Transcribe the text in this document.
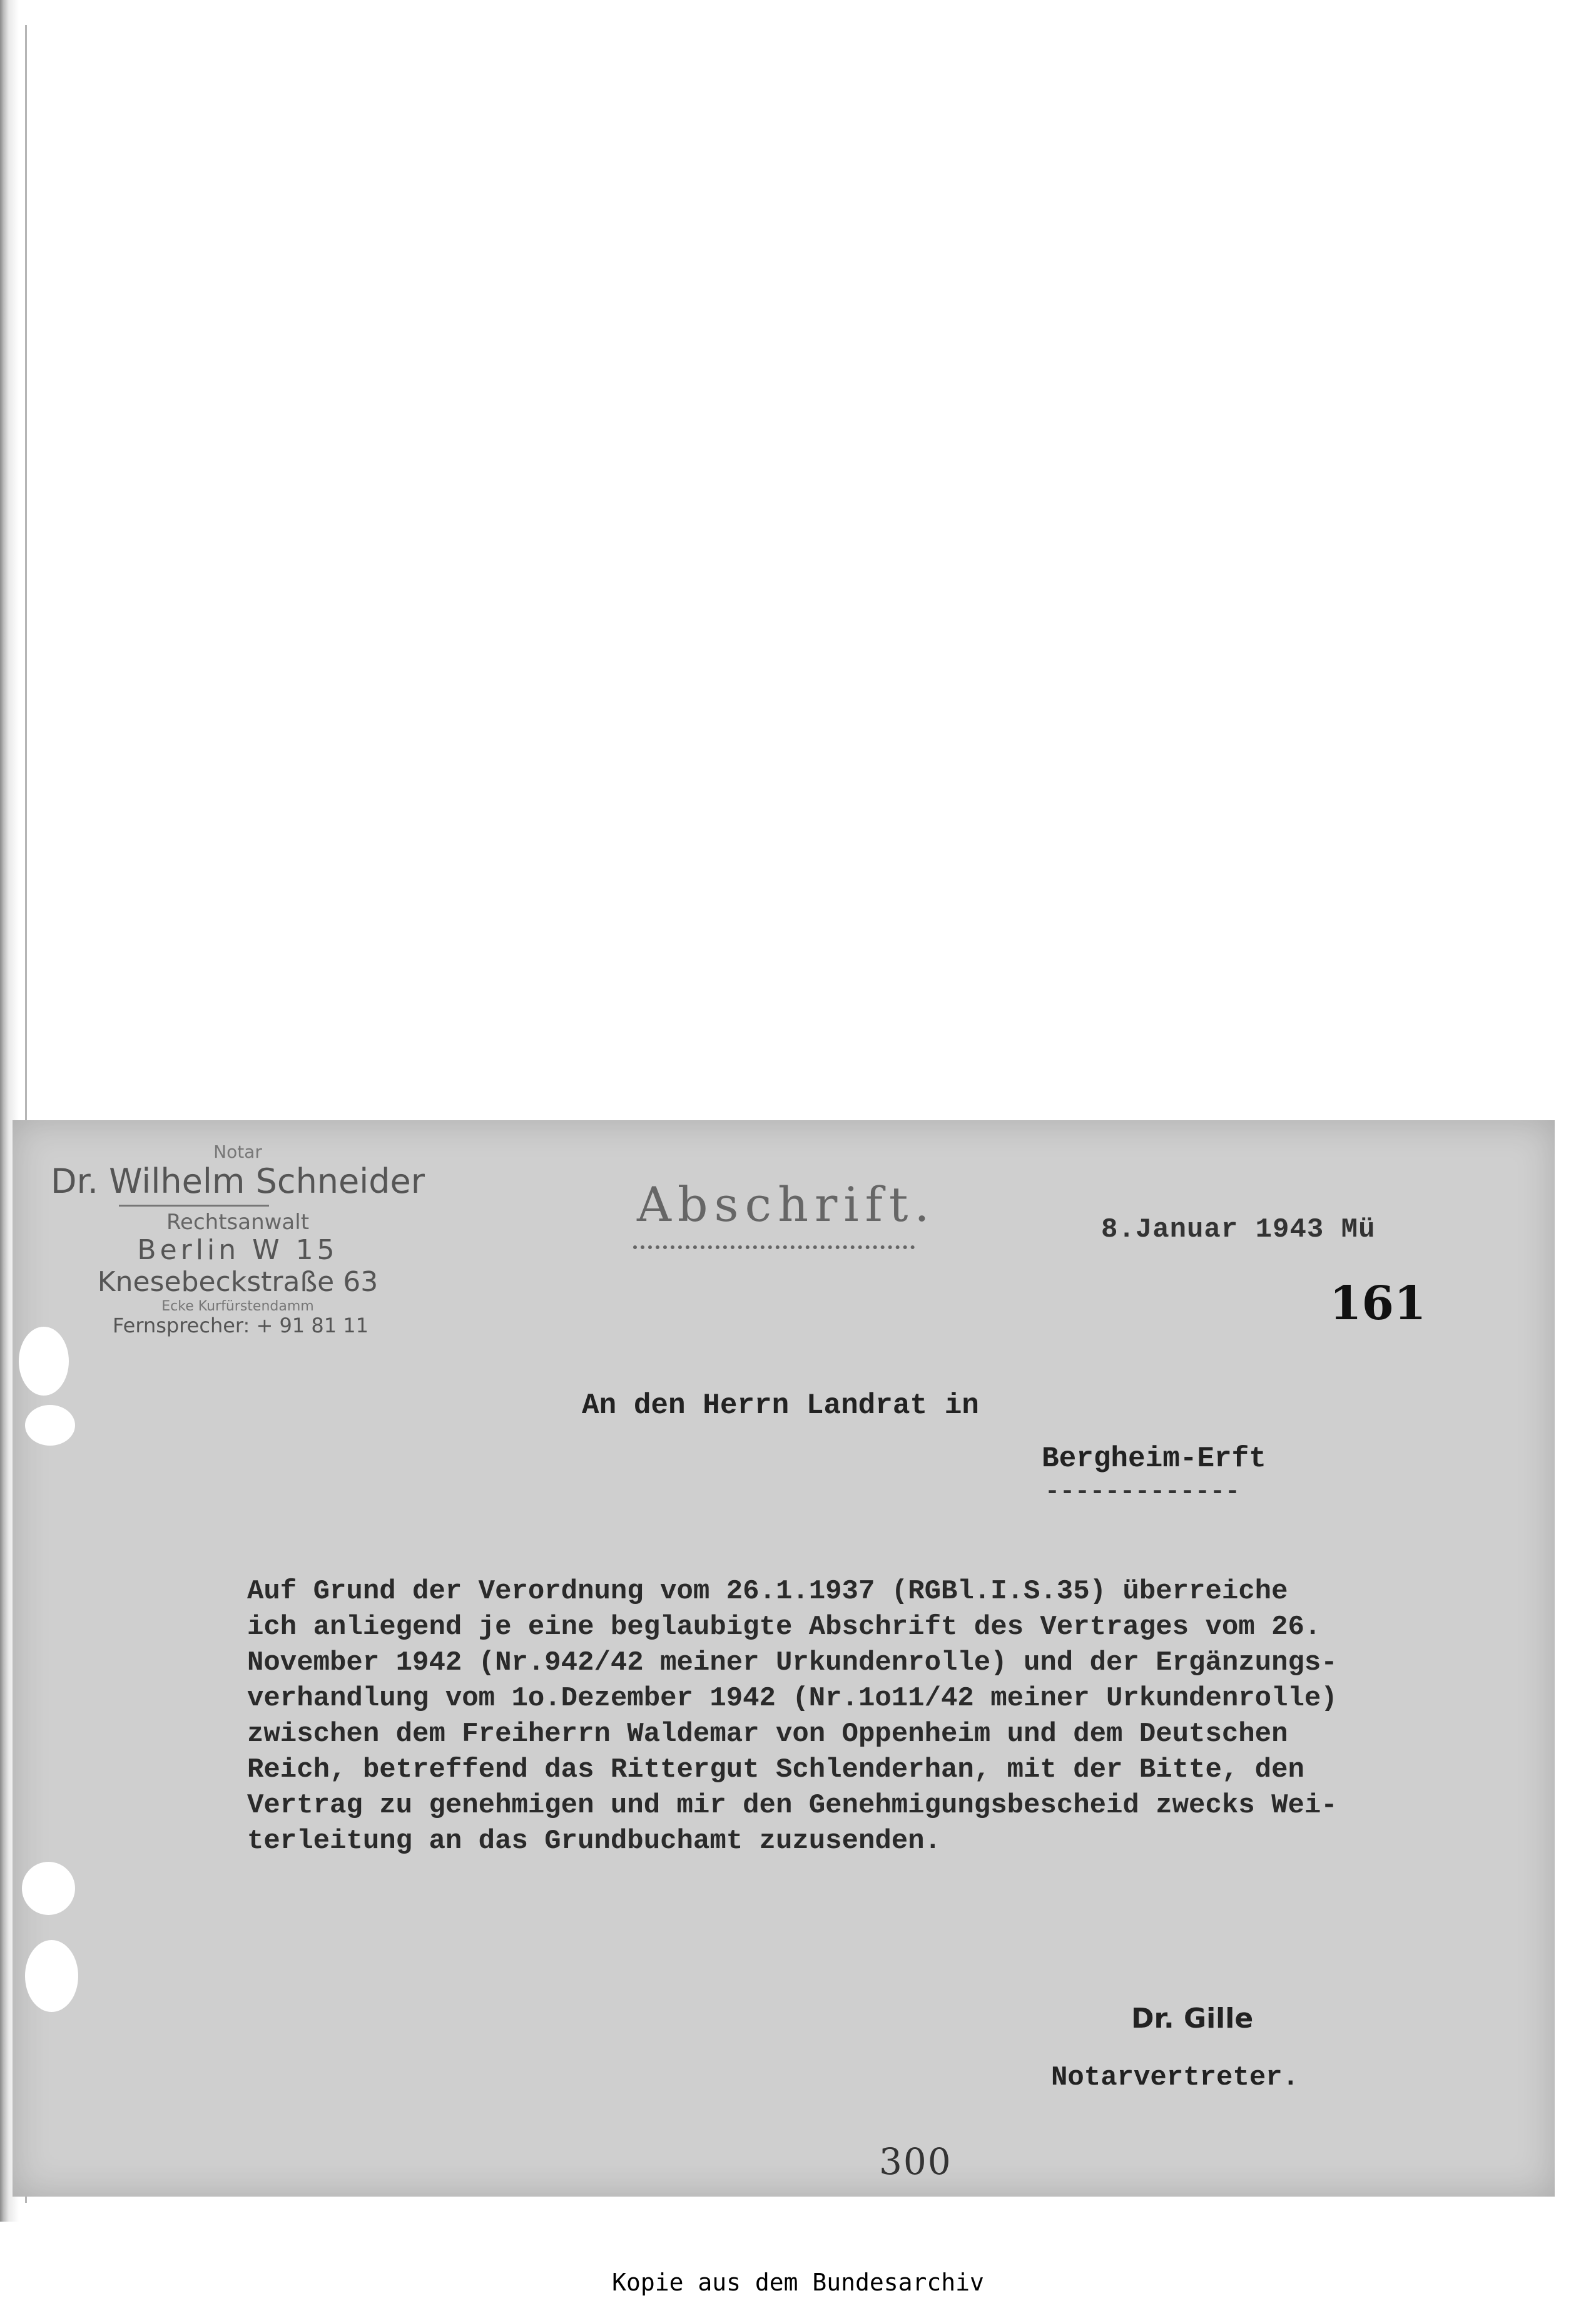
Notar
Dr. Wilhelm Schneider
Rechtsanwalt
Berlin W 15
Knesebeckstraße 63
Ecke Kurfürstendamm
Fernsprecher: + 91 81 11
Abschrift.	8.Januar 1943 Mü
161
An den Herrn Landrat in
Bergheim-Erft
-------------

Auf Grund der Verordnung vom 26.1.1937 (RGBl.I.S.35) überreiche

ich anliegend je eine beglaubigte Abschrift des Vertrages vom 26.

November 1942 (Nr.942/42 meiner Urkundenrolle) und der Ergänzungs-

verhandlung vom 1o.Dezember 1942 (Nr.1o11/42 meiner Urkundenrolle)

zwischen dem Freiherrn Waldemar von Oppenheim und dem Deutschen

Reich, betreffend das Rittergut Schlenderhan, mit der Bitte, den

Vertrag zu genehmigen und mir den Genehmigungsbescheid zwecks Wei-

terleitung an das Grundbuchamt zuzusenden.

Dr. Gille
Notarvertreter.
300
Kopie aus dem Bundesarchiv
